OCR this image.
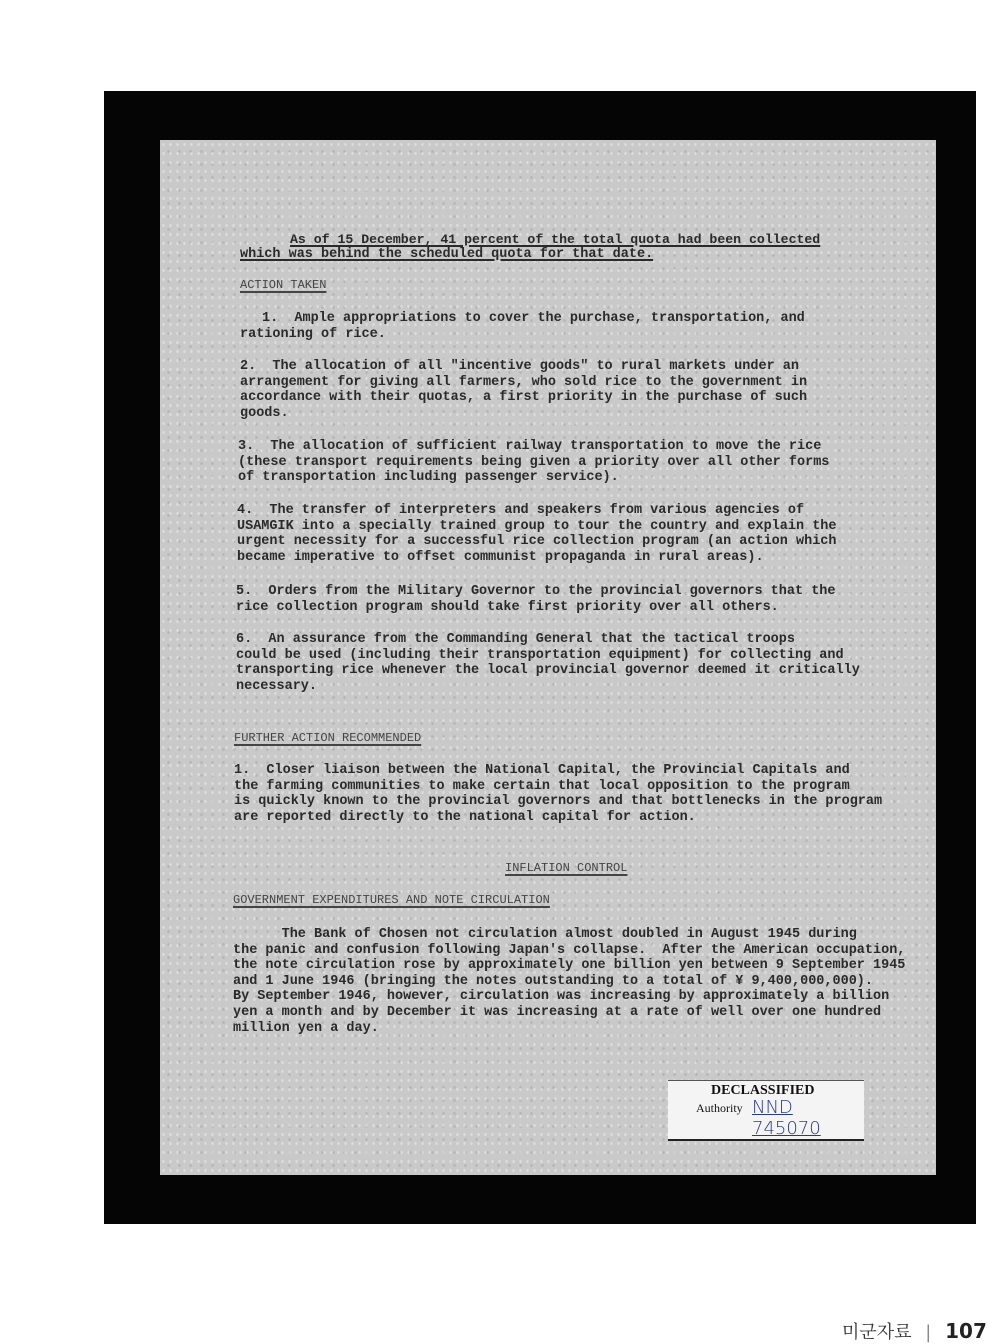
As of 15 December, 41 percent of the total quota had been collected
which was behind the scheduled quota for that date.
ACTION TAKEN
1.  Ample appropriations to cover the purchase, transportation, and
rationing of rice.
2.  The allocation of all "incentive goods" to rural markets under an
arrangement for giving all farmers, who sold rice to the government in
accordance with their quotas, a first priority in the purchase of such
goods.
3.  The allocation of sufficient railway transportation to move the rice
(these transport requirements being given a priority over all other forms
of transportation including passenger service).
4.  The transfer of interpreters and speakers from various agencies of
USAMGIK into a specially trained group to tour the country and explain the
urgent necessity for a successful rice collection program (an action which
became imperative to offset communist propaganda in rural areas).
5.  Orders from the Military Governor to the provincial governors that the
rice collection program should take first priority over all others.
6.  An assurance from the Commanding General that the tactical troops
could be used (including their transportation equipment) for collecting and
transporting rice whenever the local provincial governor deemed it critically
necessary.
FURTHER ACTION RECOMMENDED
1.  Closer liaison between the National Capital, the Provincial Capitals and
the farming communities to make certain that local opposition to the program
is quickly known to the provincial governors and that bottlenecks in the program
are reported directly to the national capital for action.
INFLATION CONTROL
GOVERNMENT EXPENDITURES AND NOTE CIRCULATION
The Bank of Chosen not circulation almost doubled in August 1945 during
the panic and confusion following Japan's collapse.  After the American occupation,
the note circulation rose by approximately one billion yen between 9 September 1945
and 1 June 1946 (bringing the notes outstanding to a total of ¥ 9,400,000,000).
By September 1946, however, circulation was increasing by approximately a billion
yen a month and by December it was increasing at a rate of well over one hundred
million yen a day.
DECLASSIFIED
Authority NND 745070
미군자료 | 107
